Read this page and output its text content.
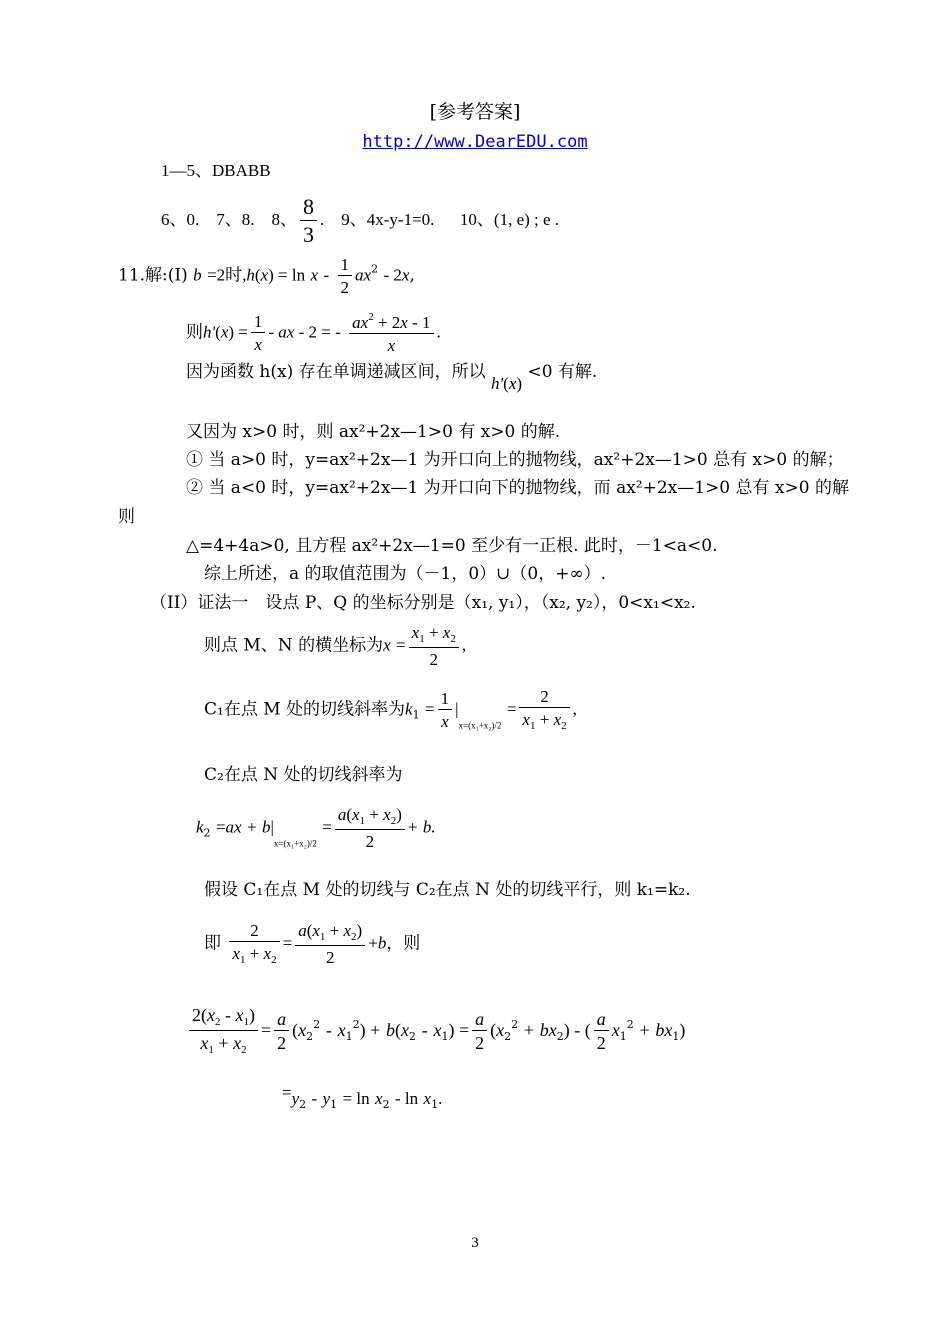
[参考答案]
http://www.DearEDU.com
1—5、DBABB
6、0. 7、8. 8、 $\frac{8}{3}$ . 9、4x-y-1=0. 10、(1, e) ; e .
11.解:(I) b =2时$,h(x) = \ln x - \frac{1}{2} ax^2 - 2x$,
则$h'(x) = \frac{1}{x}$ - ax - 2 = - $\frac{ax^2 + 2x - 1}{x}$ .
因为函数 h(x) 存在单调递减区间，所以 h'(x) <0 有解.
又因为 x>0 时，则 ax²+2x—1>0 有 x>0 的解.
① 当 a>0 时，y=ax²+2x—1 为开口向上的抛物线，ax²+2x—1>0 总有 x>0 的解；
② 当 a<0 时，y=ax²+2x—1 为开口向下的抛物线，而 ax²+2x—1>0 总有 x>0 的解
则
△=4+4a>0, 且方程 ax²+2x—1=0 至少有一正根. 此时，－1<a<0.
综上所述，a 的取值范围为（－1，0）∪（0，+∞）.
（II）证法一　设点 P、Q 的坐标分别是（x₁, y₁），（x₂, y₂），0<x₁<x₂.
则点 M、N 的横坐标为$x = \frac{x_1 + x_2}{2}$ ,
C₁在点 M 处的切线斜率为$k_1 = \frac{1}{x} |_{x=(x_1+x_2)/2} = \frac{2}{x_1 + x_2}$ ,
C₂在点 N 处的切线斜率为
$k_2 =ax + b|_{x=(x_1+x_2)/2} = \frac{a(x_1 + x_2)}{2} + b$.
假设 C₁在点 M 处的切线与 C₂在点 N 处的切线平行，则 k₁=k₂.
即 $\frac{2}{x_1 + x_2} = \frac{a(x_1 + x_2)}{2} +b$，则
$\frac{2(x_2 - x_1)}{x_1 + x_2} = \frac{a}{2} (x_2^2 - x_1^2) + b(x_2 - x_1) = \frac{a}{2} (x_2^2 + bx_2)$ - ( $\frac{a}{2} x_1^2 + bx_1$)
$=y_2 - y_1 = \ln x_2 - \ln x_1$.
3
